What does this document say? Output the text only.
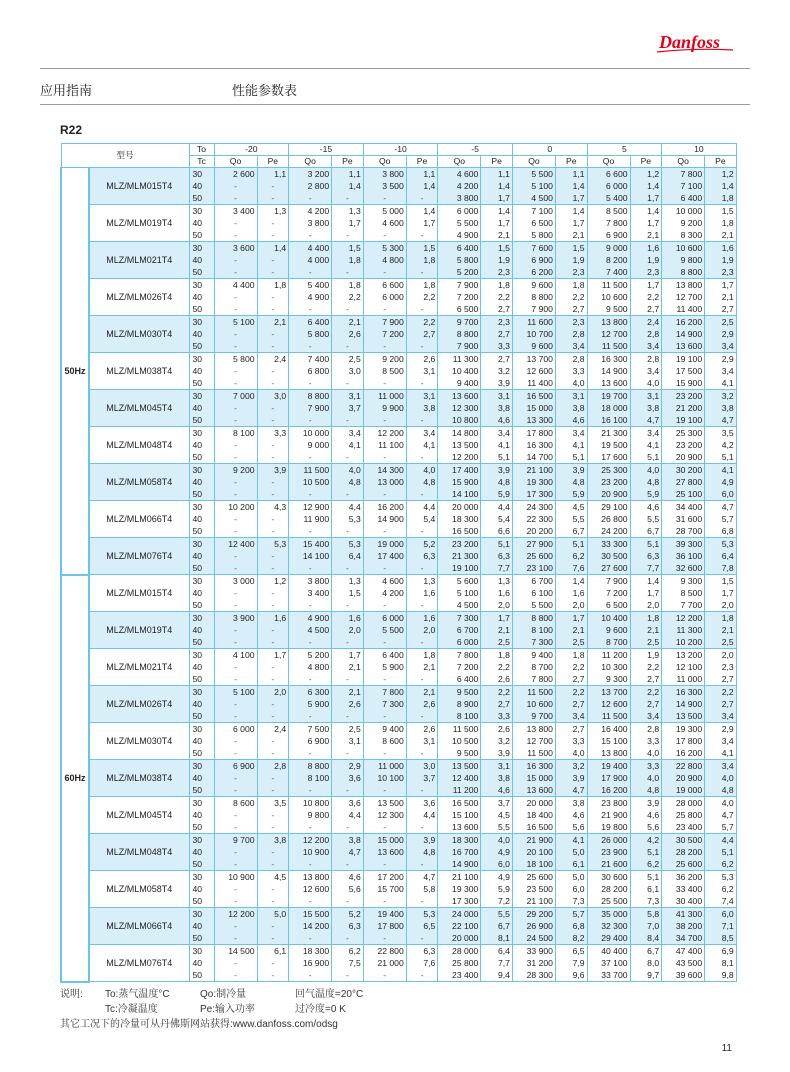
Danfoss
应用指南	性能参数表
R22
型号		To	-20		-15		-10		-5		0		5		10	
		Tc	Qo	Pe	Qo	Pe	Qo	Pe	Qo	Pe	Qo	Pe	Qo	Pe	Qo	Pe
50Hz	MLZ/MLM015T4	30	2 600	1,1	3 200	1,1	3 800	1,1	4 600	1,1	5 500	1,1	6 600	1,2	7 800	1,2
		40	-	-	2 800	1,4	3 500	1,4	4 200	1,4	5 100	1,4	6 000	1,4	7 100	1,4
		50	-	-	-	-	-	-	3 800	1,7	4 500	1,7	5 400	1,7	6 400	1,8
	MLZ/MLM019T4	30	3 400	1,3	4 200	1,3	5 000	1,4	6 000	1,4	7 100	1,4	8 500	1,4	10 000	1,5
		40	-	-	3 800	1,7	4 600	1,7	5 500	1,7	6 500	1,7	7 800	1,7	9 200	1,8
		50	-	-	-	-	-	-	4 900	2,1	5 800	2,1	6 900	2,1	8 300	2,1
	MLZ/MLM021T4	30	3 600	1,4	4 400	1,5	5 300	1,5	6 400	1,5	7 600	1,5	9 000	1,6	10 600	1,6
		40	-	-	4 000	1,8	4 800	1,8	5 800	1,9	6 900	1,9	8 200	1,9	9 800	1,9
		50	-	-	-	-	-	-	5 200	2,3	6 200	2,3	7 400	2,3	8 800	2,3
	MLZ/MLM026T4	30	4 400	1,8	5 400	1,8	6 600	1,8	7 900	1,8	9 600	1,8	11 500	1,7	13 800	1,7
		40	-	-	4 900	2,2	6 000	2,2	7 200	2,2	8 800	2,2	10 600	2,2	12 700	2,1
		50	-	-	-	-	-	-	6 500	2,7	7 900	2,7	9 500	2,7	11 400	2,7
	MLZ/MLM030T4	30	5 100	2,1	6 400	2,1	7 900	2,2	9 700	2,3	11 600	2,3	13 800	2,4	16 200	2,5
		40	-	-	5 800	2,6	7 200	2,7	8 800	2,7	10 700	2,8	12 700	2,8	14 900	2,9
		50	-	-	-	-	-	-	7 900	3,3	9 600	3,4	11 500	3,4	13 600	3,4
	MLZ/MLM038T4	30	5 800	2,4	7 400	2,5	9 200	2,6	11 300	2,7	13 700	2,8	16 300	2,8	19 100	2,9
		40	-	-	6 800	3,0	8 500	3,1	10 400	3,2	12 600	3,3	14 900	3,4	17 500	3,4
		50	-	-	-	-	-	-	9 400	3,9	11 400	4,0	13 600	4,0	15 900	4,1
	MLZ/MLM045T4	30	7 000	3,0	8 800	3,1	11 000	3,1	13 600	3,1	16 500	3,1	19 700	3,1	23 200	3,2
		40	-	-	7 900	3,7	9 900	3,8	12 300	3,8	15 000	3,8	18 000	3,8	21 200	3,8
		50	-	-	-	-	-	-	10 800	4,6	13 300	4,6	16 100	4,7	19 100	4,7
	MLZ/MLM048T4	30	8 100	3,3	10 000	3,4	12 200	3,4	14 800	3,4	17 800	3,4	21 300	3,4	25 300	3,5
		40	-	-	9 000	4,1	11 100	4,1	13 500	4,1	16 300	4,1	19 500	4,1	23 200	4,2
		50	-	-	-	-	-	-	12 200	5,1	14 700	5,1	17 600	5,1	20 900	5,1
	MLZ/MLM058T4	30	9 200	3,9	11 500	4,0	14 300	4,0	17 400	3,9	21 100	3,9	25 300	4,0	30 200	4,1
		40	-	-	10 500	4,8	13 000	4,8	15 900	4,8	19 300	4,8	23 200	4,8	27 800	4,9
		50	-	-	-	-	-	-	14 100	5,9	17 300	5,9	20 900	5,9	25 100	6,0
	MLZ/MLM066T4	30	10 200	4,3	12 900	4,4	16 200	4,4	20 000	4,4	24 300	4,5	29 100	4,6	34 400	4,7
		40	-	-	11 900	5,3	14 900	5,4	18 300	5,4	22 300	5,5	26 800	5,5	31 600	5,7
		50	-	-	-	-	-	-	16 500	6,6	20 200	6,7	24 200	6,7	28 700	6,8
	MLZ/MLM076T4	30	12 400	5,3	15 400	5,3	19 000	5,2	23 200	5,1	27 900	5,1	33 300	5,1	39 300	5,3
		40	-	-	14 100	6,4	17 400	6,3	21 300	6,3	25 600	6,2	30 500	6,3	36 100	6,4
		50	-	-	-	-	-	-	19 100	7,7	23 100	7,6	27 600	7,7	32 600	7,8
60Hz	MLZ/MLM015T4	30	3 000	1,2	3 800	1,3	4 600	1,3	5 600	1,3	6 700	1,4	7 900	1,4	9 300	1,5
		40	-	-	3 400	1,5	4 200	1,6	5 100	1,6	6 100	1,6	7 200	1,7	8 500	1,7
		50	-	-	-	-	-	-	4 500	2,0	5 500	2,0	6 500	2,0	7 700	2,0
	MLZ/MLM019T4	30	3 900	1,6	4 900	1,6	6 000	1,6	7 300	1,7	8 800	1,7	10 400	1,8	12 200	1,8
		40	-	-	4 500	2,0	5 500	2,0	6 700	2,1	8 100	2,1	9 600	2,1	11 300	2,1
		50	-	-	-	-	-	-	6 000	2,5	7 300	2,5	8 700	2,5	10 200	2,5
	MLZ/MLM021T4	30	4 100	1,7	5 200	1,7	6 400	1,8	7 800	1,8	9 400	1,8	11 200	1,9	13 200	2,0
		40	-	-	4 800	2,1	5 900	2,1	7 200	2,2	8 700	2,2	10 300	2,2	12 100	2,3
		50	-	-	-	-	-	-	6 400	2,6	7 800	2,7	9 300	2,7	11 000	2,7
	MLZ/MLM026T4	30	5 100	2,0	6 300	2,1	7 800	2,1	9 500	2,2	11 500	2,2	13 700	2,2	16 300	2,2
		40	-	-	5 900	2,6	7 300	2,6	8 900	2,7	10 600	2,7	12 600	2,7	14 900	2,7
		50	-	-	-	-	-	-	8 100	3,3	9 700	3,4	11 500	3,4	13 500	3,4
	MLZ/MLM030T4	30	6 000	2,4	7 500	2,5	9 400	2,6	11 500	2,6	13 800	2,7	16 400	2,8	19 300	2,9
		40	-	-	6 900	3,1	8 600	3,1	10 500	3,2	12 700	3,3	15 100	3,3	17 800	3,4
		50	-	-	-	-	-	-	9 500	3,9	11 500	4,0	13 800	4,0	16 200	4,1
	MLZ/MLM038T4	30	6 900	2,8	8 800	2,9	11 000	3,0	13 500	3,1	16 300	3,2	19 400	3,3	22 800	3,4
		40	-	-	8 100	3,6	10 100	3,7	12 400	3,8	15 000	3,9	17 900	4,0	20 900	4,0
		50	-	-	-	-	-	-	11 200	4,6	13 600	4,7	16 200	4,8	19 000	4,8
	MLZ/MLM045T4	30	8 600	3,5	10 800	3,6	13 500	3,6	16 500	3,7	20 000	3,8	23 800	3,9	28 000	4,0
		40	-	-	9 800	4,4	12 300	4,4	15 100	4,5	18 400	4,6	21 900	4,6	25 800	4,7
		50	-	-	-	-	-	-	13 600	5,5	16 500	5,6	19 800	5,6	23 400	5,7
	MLZ/MLM048T4	30	9 700	3,8	12 200	3,8	15 000	3,9	18 300	4,0	21 900	4,1	26 000	4,2	30 500	4,4
		40	-	-	10 900	4,7	13 600	4,8	16 700	4,9	20 100	5,0	23 900	5,1	28 200	5,1
		50	-	-	-	-	-	-	14 900	6,0	18 100	6,1	21 600	6,2	25 600	6,2
	MLZ/MLM058T4	30	10 900	4,5	13 800	4,6	17 200	4,7	21 100	4,9	25 600	5,0	30 600	5,1	36 200	5,3
		40	-	-	12 600	5,6	15 700	5,8	19 300	5,9	23 500	6,0	28 200	6,1	33 400	6,2
		50	-	-	-	-	-	-	17 300	7,2	21 100	7,3	25 500	7,3	30 400	7,4
	MLZ/MLM066T4	30	12 200	5,0	15 500	5,2	19 400	5,3	24 000	5,5	29 200	5,7	35 000	5,8	41 300	6,0
		40	-	-	14 200	6,3	17 800	6,5	22 100	6,7	26 900	6,8	32 300	7,0	38 200	7,1
		50	-	-	-	-	-	-	20 000	8,1	24 500	8,2	29 400	8,4	34 700	8,5
	MLZ/MLM076T4	30	14 500	6,1	18 300	6,2	22 800	6,3	28 000	6,4	33 900	6,5	40 400	6,7	47 400	6,9
		40	-	-	16 900	7,5	21 000	7,6	25 800	7,7	31 200	7,9	37 100	8,0	43 500	8,1
		50	-	-	-	-	-	-	23 400	9,4	28 300	9,6	33 700	9,7	39 600	9,8
说明:	To:蒸气温度°C	Qo:制冷量	回气温度=20°C
Tc:冷凝温度	Pe:输入功率	过冷度=0 K
其它工况下的冷量可从丹佛斯网站获得:www.danfoss.com/odsg
11
